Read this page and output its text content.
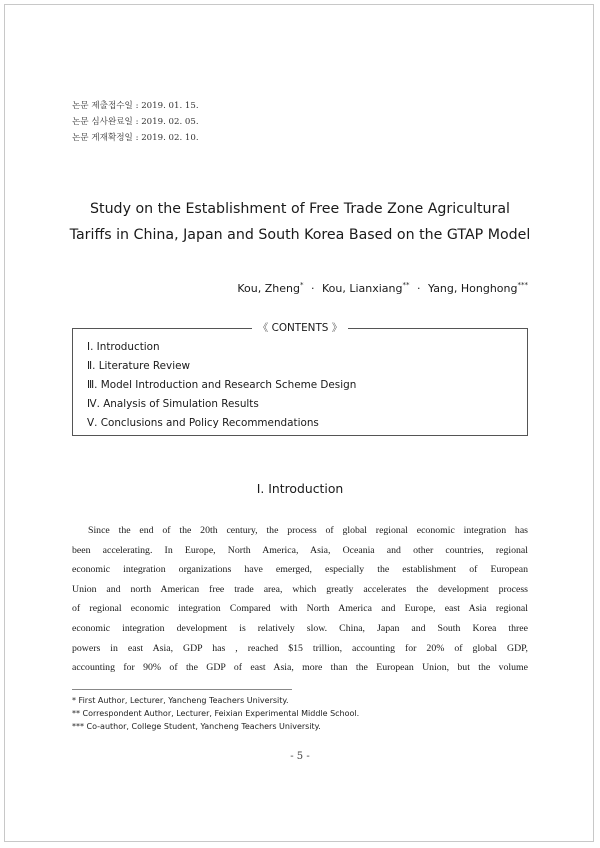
논문 제출접수일 : 2019. 01. 15.
논문 심사완료일 : 2019. 02. 05.
논문 게재확정일 : 2019. 02. 10.
Study on the Establishment of Free Trade Zone Agricultural
Tariffs in China, Japan and South Korea Based on the GTAP Model
Kou, Zheng* · Kou, Lianxiang** · Yang, Honghong***
《 CONTENTS 》
Ⅰ. Introduction
Ⅱ. Literature Review
Ⅲ. Model Introduction and Research Scheme Design
Ⅳ. Analysis of Simulation Results
Ⅴ. Conclusions and Policy Recommendations
Ⅰ. Introduction
Since the end of the 20th century, the process of global regional economic integration has
been accelerating. In Europe, North America, Asia, Oceania and other countries, regional
economic integration organizations have emerged, especially the establishment of European
Union and north American free trade area, which greatly accelerates the development process
of regional economic integration Compared with North America and Europe, east Asia regional
economic integration development is relatively slow. China, Japan and South Korea three
powers in east Asia, GDP has , reached $15 trillion, accounting for 20% of global GDP,
accounting for 90% of the GDP of east Asia, more than the European Union, but the volume
* First Author, Lecturer, Yancheng Teachers University.
** Correspondent Author, Lecturer, Feixian Experimental Middle School.
*** Co-author, College Student, Yancheng Teachers University.
- 5 -
